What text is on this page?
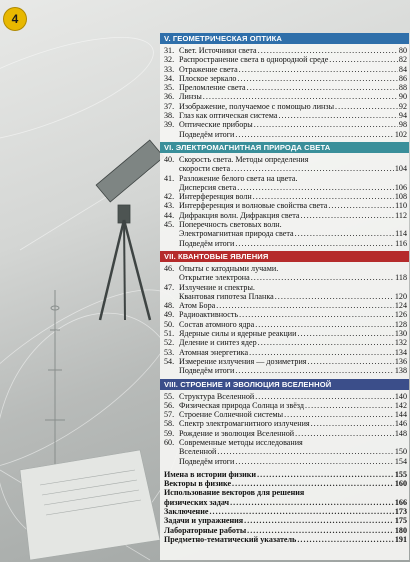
4
V. ГЕОМЕТРИЧЕСКАЯ ОПТИКА
31. Свет. Источники света . . .	80
32. Распространение света в однородной среде . . .	82
33. Отражение света . . .	84
34. Плоское зеркало . . .	86
35. Преломление света . . .	88
36. Линзы . . .	90
37. Изображение, получаемое с помощью линзы . . .	92
38. Глаз как оптическая система . . .	94
39. Оптические приборы . . .	98
Подведём итоги . . .	102
VI. ЭЛЕКТРОМАГНИТНАЯ ПРИРОДА СВЕТА
40. Скорость света. Методы определения
скорости света . . .	104
41. Разложение белого света на цвета.
Дисперсия света . . .	106
42. Интерференция волн . . .	108
43. Интерференция и волновые свойства света . . .	110
44. Дифракция волн. Дифракция света . . .	112
45. Поперечность световых волн.
Электромагнитная природа света . . .	114
Подведём итоги . . .	116
VII. КВАНТОВЫЕ ЯВЛЕНИЯ
46. Опыты с катодными лучами.
Открытие электрона . . .	118
47. Излучение и спектры.
Квантовая гипотеза Планка . . .	120
48. Атом Бора . . .	124
49. Радиоактивность . . .	126
50. Состав атомного ядра . . .	128
51. Ядерные силы и ядерные реакции . . .	130
52. Деление и синтез ядер . . .	132
53. Атомная энергетика . . .	134
54. Измерение излучения — дозиметрия . . .	136
Подведём итоги . . .	138
VIII. СТРОЕНИЕ И ЭВОЛЮЦИЯ ВСЕЛЕННОЙ
55. Структура Вселенной . . .	140
56. Физическая природа Солнца и звёзд . . .	142
57. Строение Солнечной системы . . .	144
58. Спектр электромагнитного излучения . . .	146
59. Рождение и эволюция Вселенной . . .	148
60. Современные методы исследования
Вселенной . . .	150
Подведём итоги . . .	154
Имена в истории физики . . .	155
Векторы в физике . . .	160
Использование векторов для решения
физических задач . . .	166
Заключение . . .	173
Задачи и упражнения . . .	175
Лабораторные работы . . .	180
Предметно-тематический указатель . . .	191
